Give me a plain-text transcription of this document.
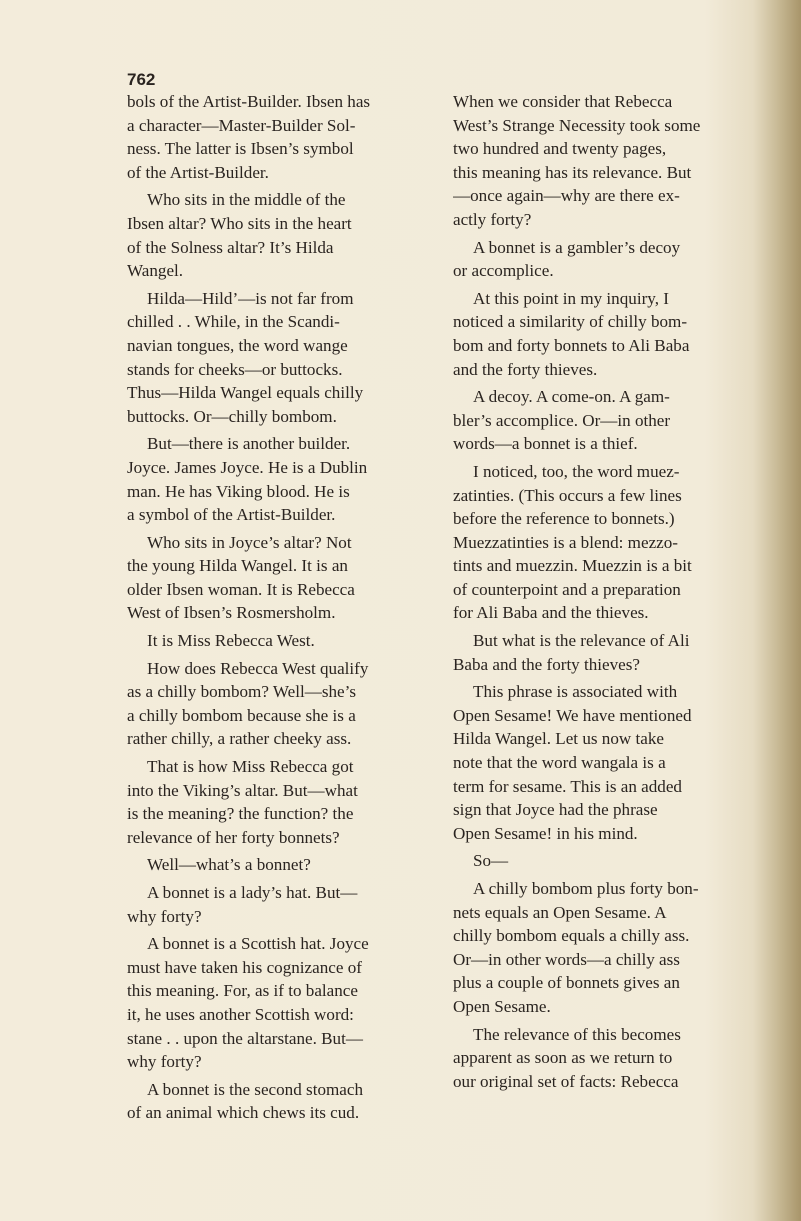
762
bols of the Artist-Builder. Ibsen has
a character—Master-Builder Sol-
ness. The latter is Ibsen’s symbol
of the Artist-Builder.
Who sits in the middle of the
Ibsen altar? Who sits in the heart
of the Solness altar? It’s Hilda
Wangel.
Hilda—Hild’—is not far from
chilled . . While, in the Scandi-
navian tongues, the word wange
stands for cheeks—or buttocks.
Thus—Hilda Wangel equals chilly
buttocks. Or—chilly bombom.
But—there is another builder.
Joyce. James Joyce. He is a Dublin
man. He has Viking blood. He is
a symbol of the Artist-Builder.
Who sits in Joyce’s altar? Not
the young Hilda Wangel. It is an
older Ibsen woman. It is Rebecca
West of Ibsen’s Rosmersholm.
It is Miss Rebecca West.
How does Rebecca West qualify
as a chilly bombom? Well—she’s
a chilly bombom because she is a
rather chilly, a rather cheeky ass.
That is how Miss Rebecca got
into the Viking’s altar. But—what
is the meaning? the function? the
relevance of her forty bonnets?
Well—what’s a bonnet?
A bonnet is a lady’s hat. But—
why forty?
A bonnet is a Scottish hat. Joyce
must have taken his cognizance of
this meaning. For, as if to balance
it, he uses another Scottish word:
stane . . upon the altarstane. But—
why forty?
A bonnet is the second stomach
of an animal which chews its cud.
When we consider that Rebecca
West’s Strange Necessity took some
two hundred and twenty pages,
this meaning has its relevance. But
—once again—why are there ex-
actly forty?
A bonnet is a gambler’s decoy
or accomplice.
At this point in my inquiry, I
noticed a similarity of chilly bom-
bom and forty bonnets to Ali Baba
and the forty thieves.
A decoy. A come-on. A gam-
bler’s accomplice. Or—in other
words—a bonnet is a thief.
I noticed, too, the word muez-
zatinties. (This occurs a few lines
before the reference to bonnets.)
Muezzatinties is a blend: mezzo-
tints and muezzin. Muezzin is a bit
of counterpoint and a preparation
for Ali Baba and the thieves.
But what is the relevance of Ali
Baba and the forty thieves?
This phrase is associated with
Open Sesame! We have mentioned
Hilda Wangel. Let us now take
note that the word wangala is a
term for sesame. This is an added
sign that Joyce had the phrase
Open Sesame! in his mind.
So—
A chilly bombom plus forty bon-
nets equals an Open Sesame. A
chilly bombom equals a chilly ass.
Or—in other words—a chilly ass
plus a couple of bonnets gives an
Open Sesame.
The relevance of this becomes
apparent as soon as we return to
our original set of facts: Rebecca
